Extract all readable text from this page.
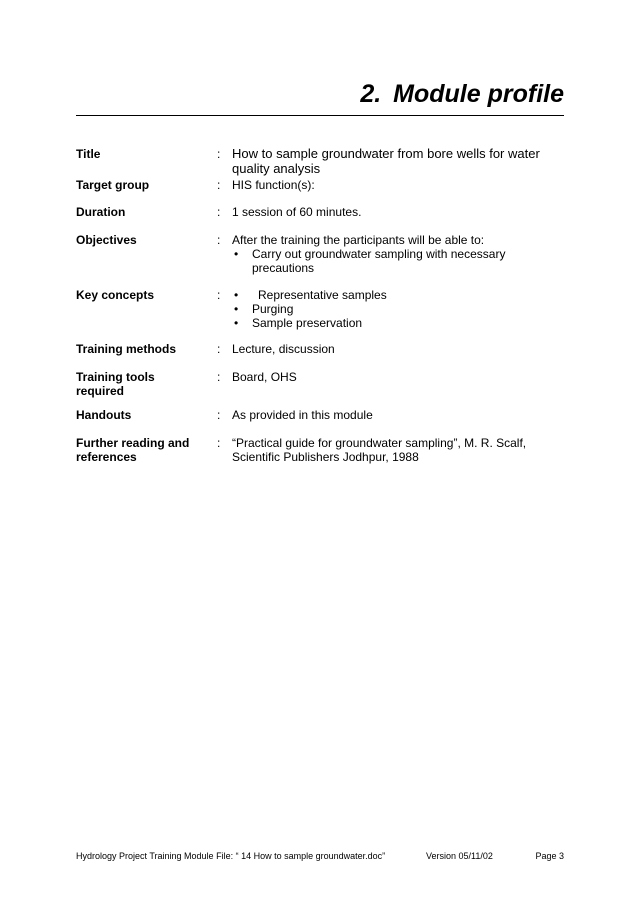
2. Module profile
Title	: How to sample groundwater from bore wells for water quality analysis
Target group	: HIS function(s):
Duration	: 1 session of 60 minutes.
Objectives	: After the training the participants will be able to:
• Carry out groundwater sampling with necessary precautions
Key concepts	:
•	Representative samples
• Purging
• Sample preservation
Training methods	: Lecture, discussion
Training tools required
: Board, OHS
Handouts	: As provided in this module
Further reading and references
: “Practical guide for groundwater sampling”, M. R. Scalf, Scientific Publishers Jodhpur, 1988
Hydrology Project Training Module File: “ 14 How to sample groundwater.doc”	Version 05/11/02	Page 3
